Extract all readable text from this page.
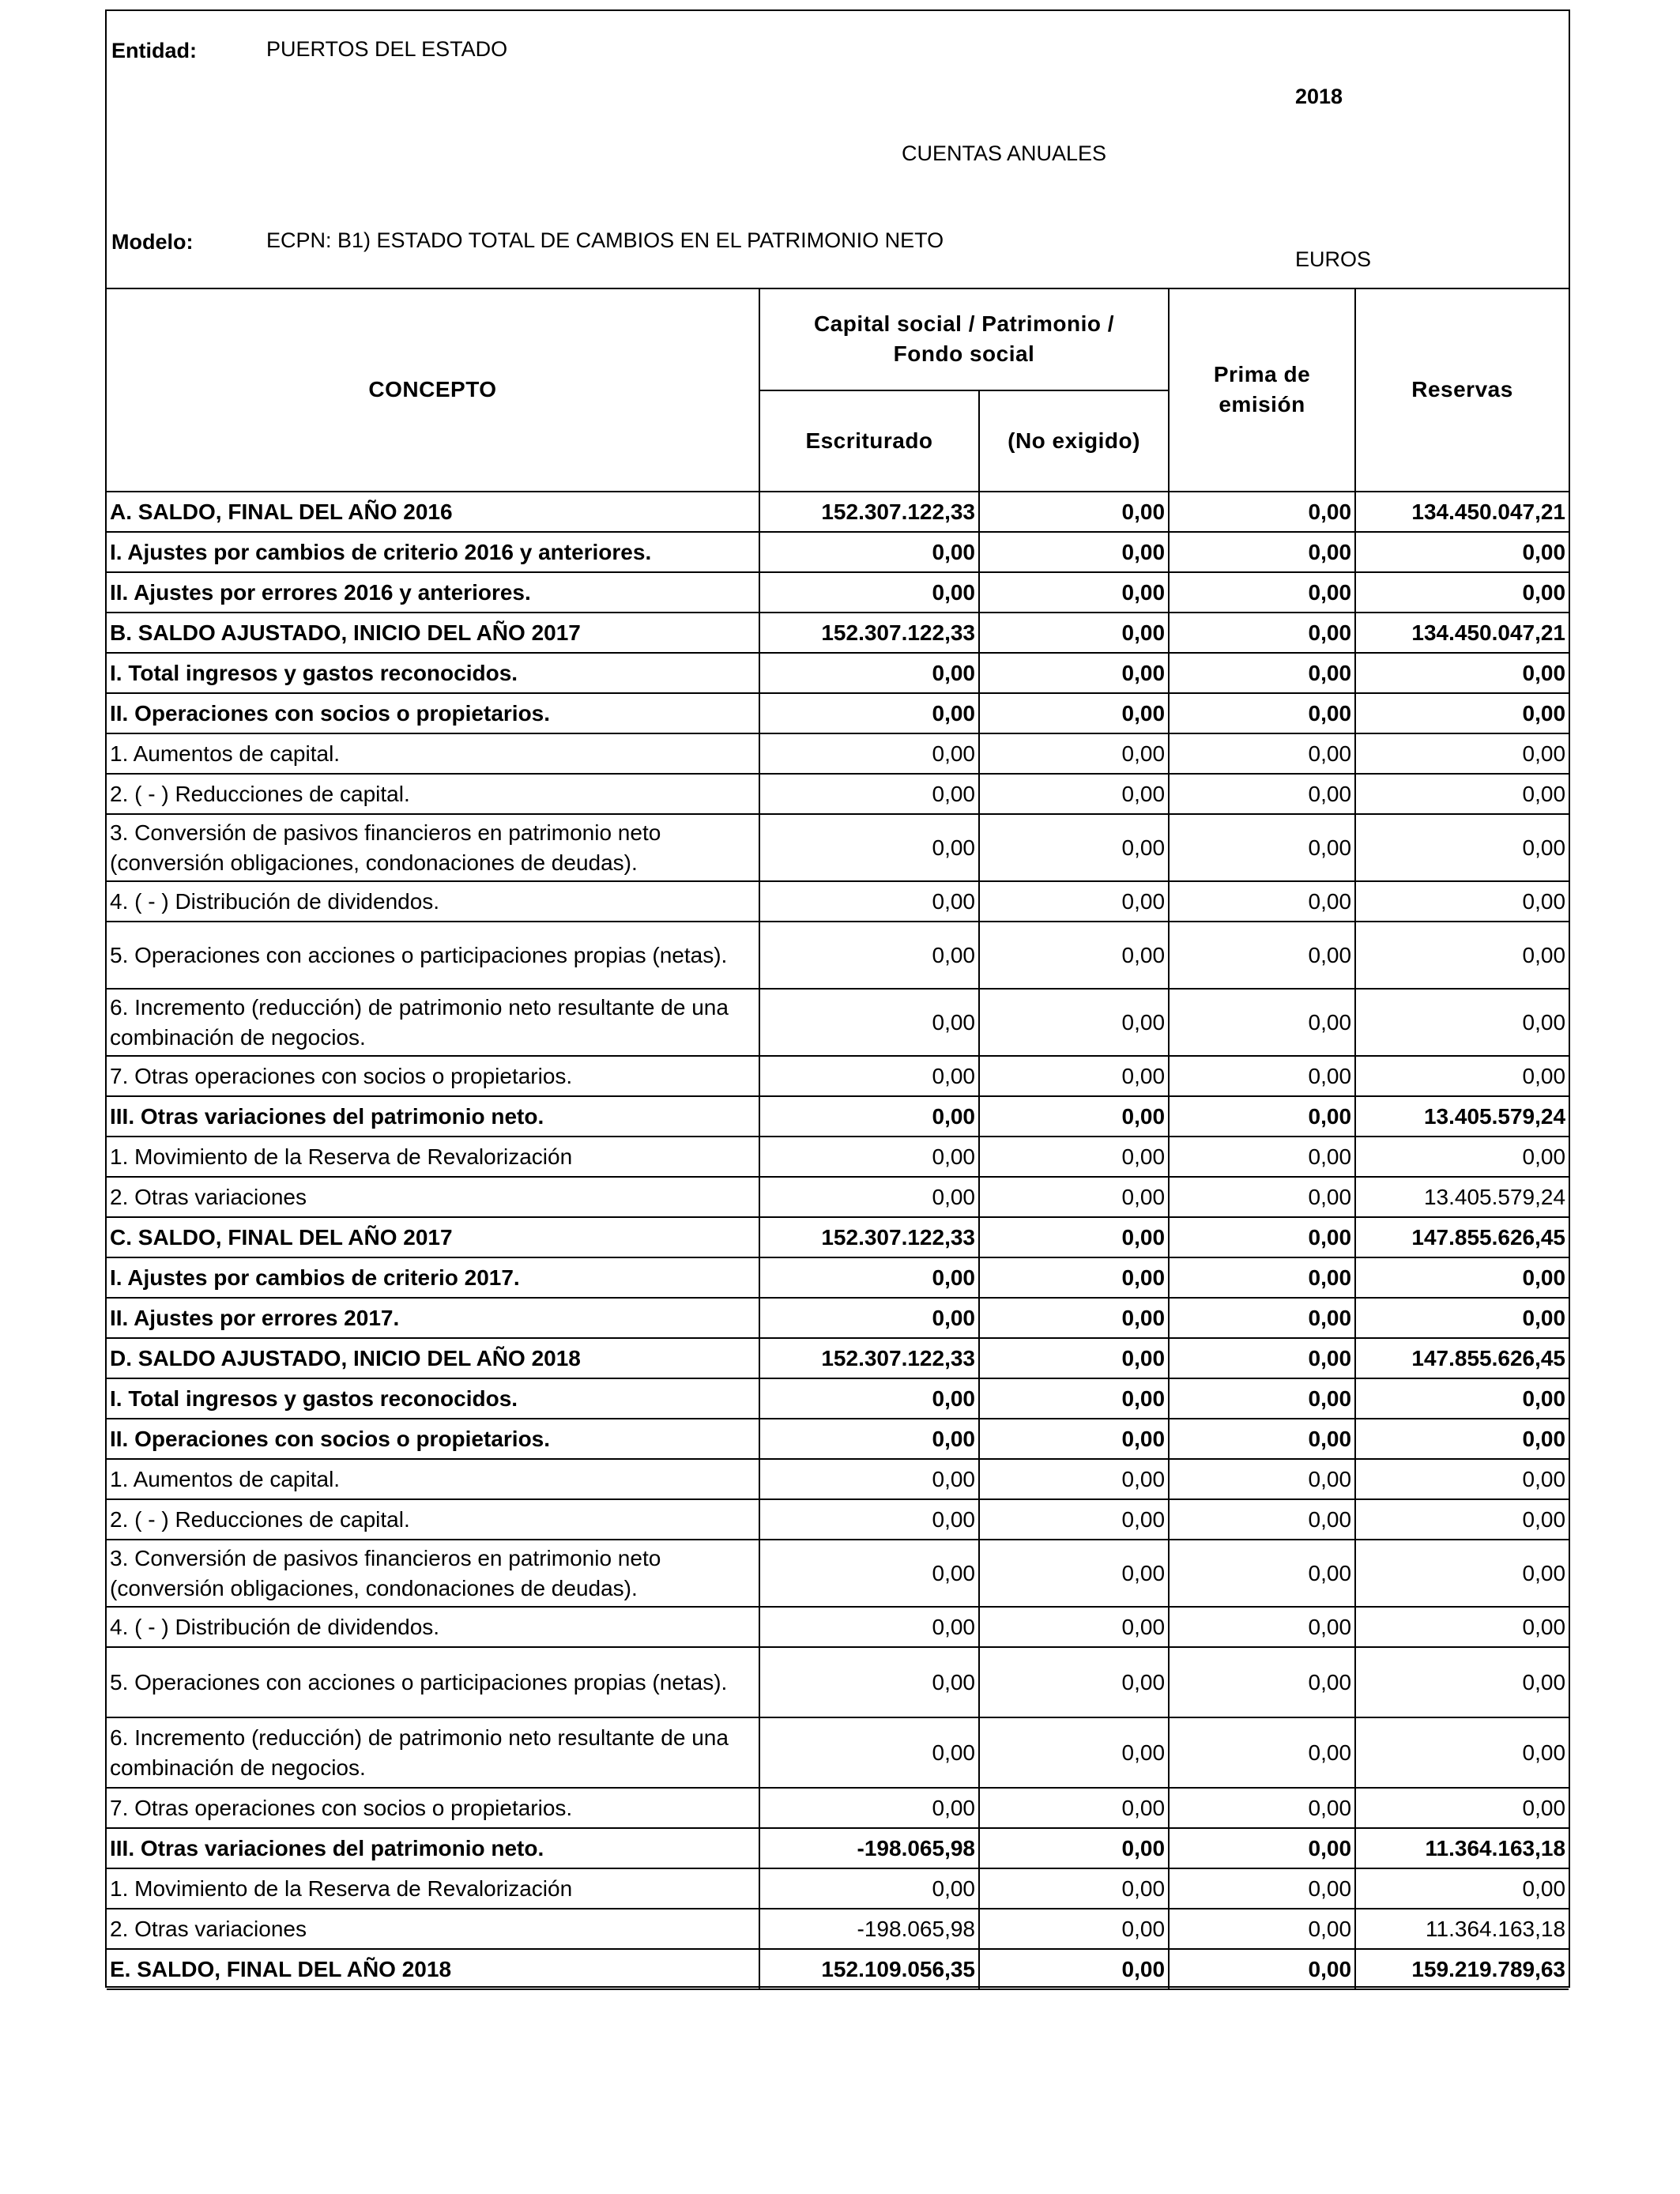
Entidad:	PUERTOS DEL ESTADO
2018
CUENTAS ANUALES
Modelo:	ECPN: B1) ESTADO TOTAL DE CAMBIOS EN EL PATRIMONIO NETO
EUROS
CONCEPTO	Capital social / Patrimonio / Fondo social		Prima de emisión	Reservas
	Escriturado	(No exigido)		
A. SALDO, FINAL DEL AÑO 2016	152.307.122,33	0,00	0,00	134.450.047,21
I. Ajustes por cambios de criterio 2016 y anteriores.	0,00	0,00	0,00	0,00
II. Ajustes por errores 2016 y anteriores.	0,00	0,00	0,00	0,00
B. SALDO AJUSTADO, INICIO DEL AÑO 2017	152.307.122,33	0,00	0,00	134.450.047,21
I. Total ingresos y gastos reconocidos.	0,00	0,00	0,00	0,00
II. Operaciones con socios o propietarios.	0,00	0,00	0,00	0,00
1. Aumentos de capital.	0,00	0,00	0,00	0,00
2. ( - ) Reducciones de capital.	0,00	0,00	0,00	0,00
3. Conversión de pasivos financieros en patrimonio neto (conversión obligaciones, condonaciones de deudas).	0,00	0,00	0,00	0,00
4. ( - ) Distribución de dividendos.	0,00	0,00	0,00	0,00
5. Operaciones con acciones o participaciones propias (netas).	0,00	0,00	0,00	0,00
6. Incremento (reducción) de patrimonio neto resultante de una combinación de negocios.	0,00	0,00	0,00	0,00
7. Otras operaciones con socios o propietarios.	0,00	0,00	0,00	0,00
III. Otras variaciones del patrimonio neto.	0,00	0,00	0,00	13.405.579,24
1. Movimiento de la Reserva de Revalorización	0,00	0,00	0,00	0,00
2. Otras variaciones	0,00	0,00	0,00	13.405.579,24
C. SALDO, FINAL DEL AÑO 2017	152.307.122,33	0,00	0,00	147.855.626,45
I. Ajustes por cambios de criterio 2017.	0,00	0,00	0,00	0,00
II. Ajustes por errores 2017.	0,00	0,00	0,00	0,00
D. SALDO AJUSTADO, INICIO DEL AÑO 2018	152.307.122,33	0,00	0,00	147.855.626,45
I. Total ingresos y gastos reconocidos.	0,00	0,00	0,00	0,00
II. Operaciones con socios o propietarios.	0,00	0,00	0,00	0,00
1. Aumentos de capital.	0,00	0,00	0,00	0,00
2. ( - ) Reducciones de capital.	0,00	0,00	0,00	0,00
3. Conversión de pasivos financieros en patrimonio neto (conversión obligaciones, condonaciones de deudas).	0,00	0,00	0,00	0,00
4. ( - ) Distribución de dividendos.	0,00	0,00	0,00	0,00
5. Operaciones con acciones o participaciones propias (netas).	0,00	0,00	0,00	0,00
6. Incremento (reducción) de patrimonio neto resultante de una combinación de negocios.	0,00	0,00	0,00	0,00
7. Otras operaciones con socios o propietarios.	0,00	0,00	0,00	0,00
III. Otras variaciones del patrimonio neto.	-198.065,98	0,00	0,00	11.364.163,18
1. Movimiento de la Reserva de Revalorización	0,00	0,00	0,00	0,00
2. Otras variaciones	-198.065,98	0,00	0,00	11.364.163,18
E. SALDO, FINAL DEL AÑO 2018	152.109.056,35	0,00	0,00	159.219.789,63
